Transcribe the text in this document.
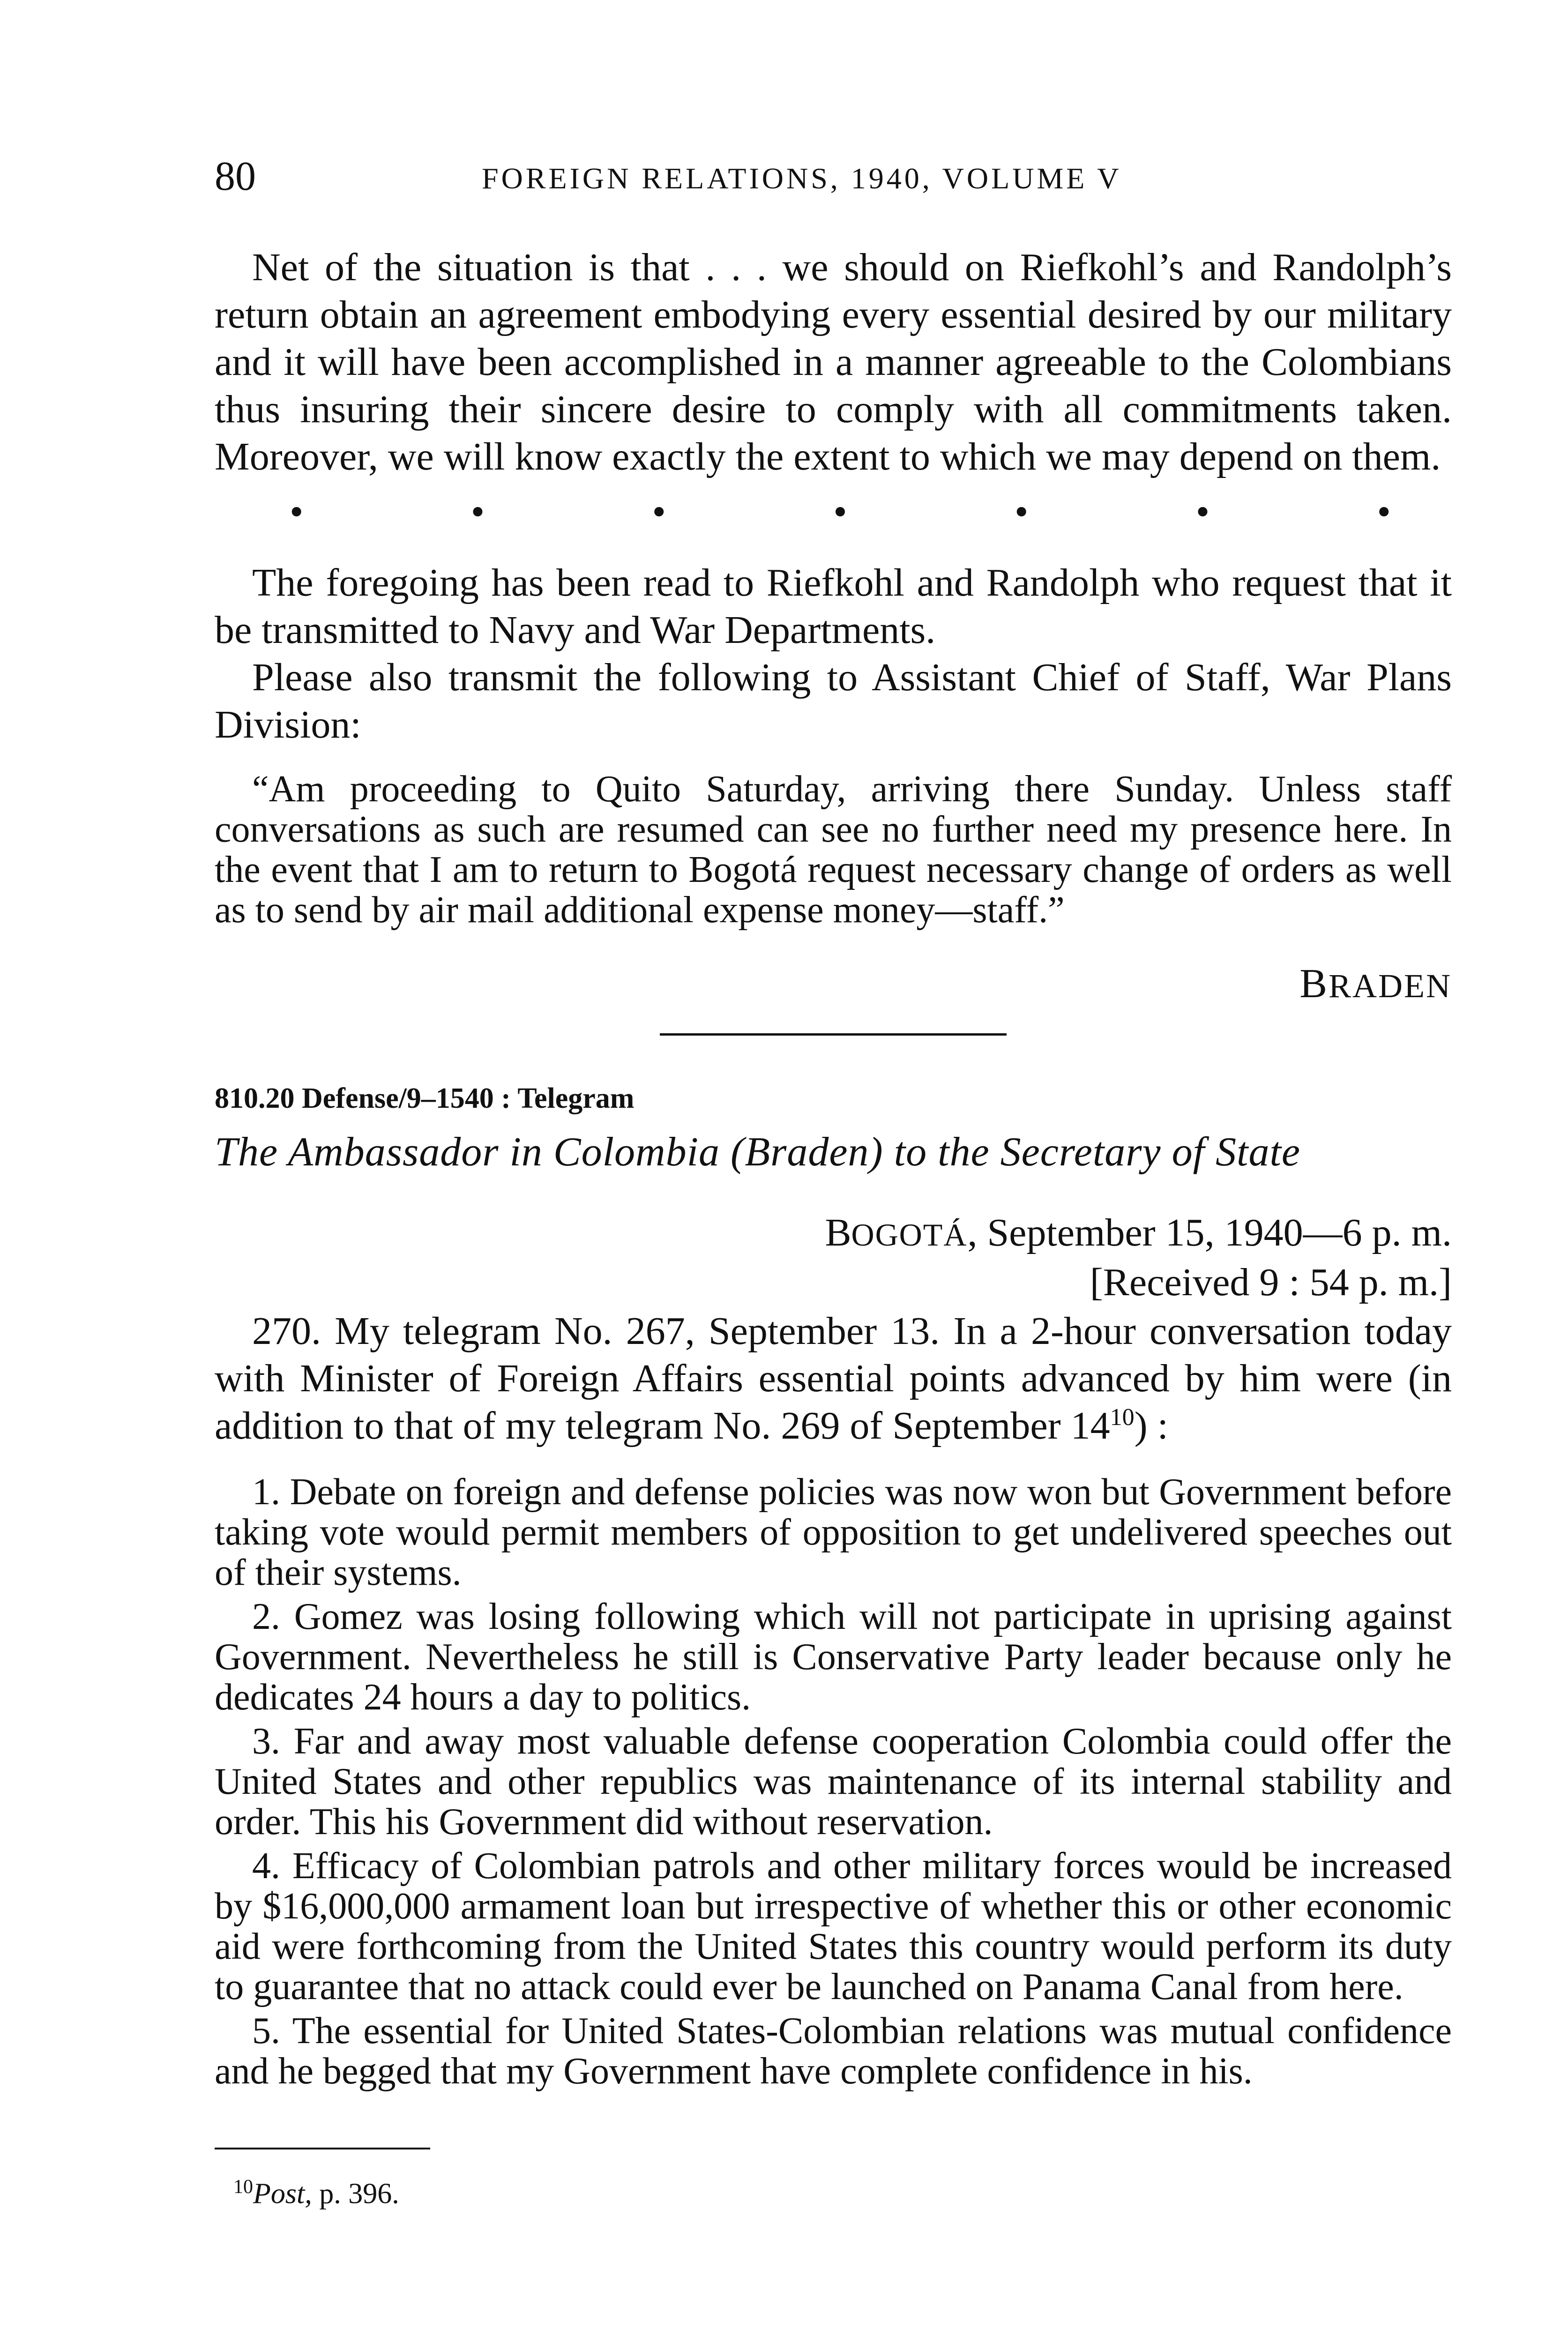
80	FOREIGN RELATIONS, 1940, VOLUME V

Net of the situation is that . . . we should on Riefkohl’s and Randolph’s return obtain an agreement embodying every essential desired by our military and it will have been accomplished in a manner agreeable to the Colombians thus insuring their sincere desire to comply with all commitments taken. Moreover, we will know exactly the extent to which we may depend on them.

•	•	•	•	•	•	•

The foregoing has been read to Riefkohl and Randolph who request that it be transmitted to Navy and War Departments.

Please also transmit the following to Assistant Chief of Staff, War Plans Division:

“Am proceeding to Quito Saturday, arriving there Sunday. Unless staff conversations as such are resumed can see no further need my presence here. In the event that I am to return to Bogotá request necessary change of orders as well as to send by air mail additional expense money—staff.”

BRADEN
810.20 Defense/9–1540 : Telegram
The Ambassador in Colombia (Braden) to the Secretary of State
BOGOTÁ, September 15, 1940—6 p. m.
[Received 9 : 54 p. m.]

270. My telegram No. 267, September 13. In a 2-hour conversation today with Minister of Foreign Affairs essential points advanced by him were (in addition to that of my telegram No. 269 of September $14^{10}$) :

1. Debate on foreign and defense policies was now won but Government before taking vote would permit members of opposition to get undelivered speeches out of their systems.

2. Gomez was losing following which will not participate in uprising against Government. Nevertheless he still is Conservative Party leader because only he dedicates 24 hours a day to politics.

3. Far and away most valuable defense cooperation Colombia could offer the United States and other republics was maintenance of its internal stability and order. This his Government did without reservation.

4. Efficacy of Colombian patrols and other military forces would be increased by $16,000,000 armament loan but irrespective of whether this or other economic aid were forthcoming from the United States this country would perform its duty to guarantee that no attack could ever be launched on Panama Canal from here.

5. The essential for United States-Colombian relations was mutual confidence and he begged that my Government have complete confidence in his.

$^{10}$Post, p. 396.
